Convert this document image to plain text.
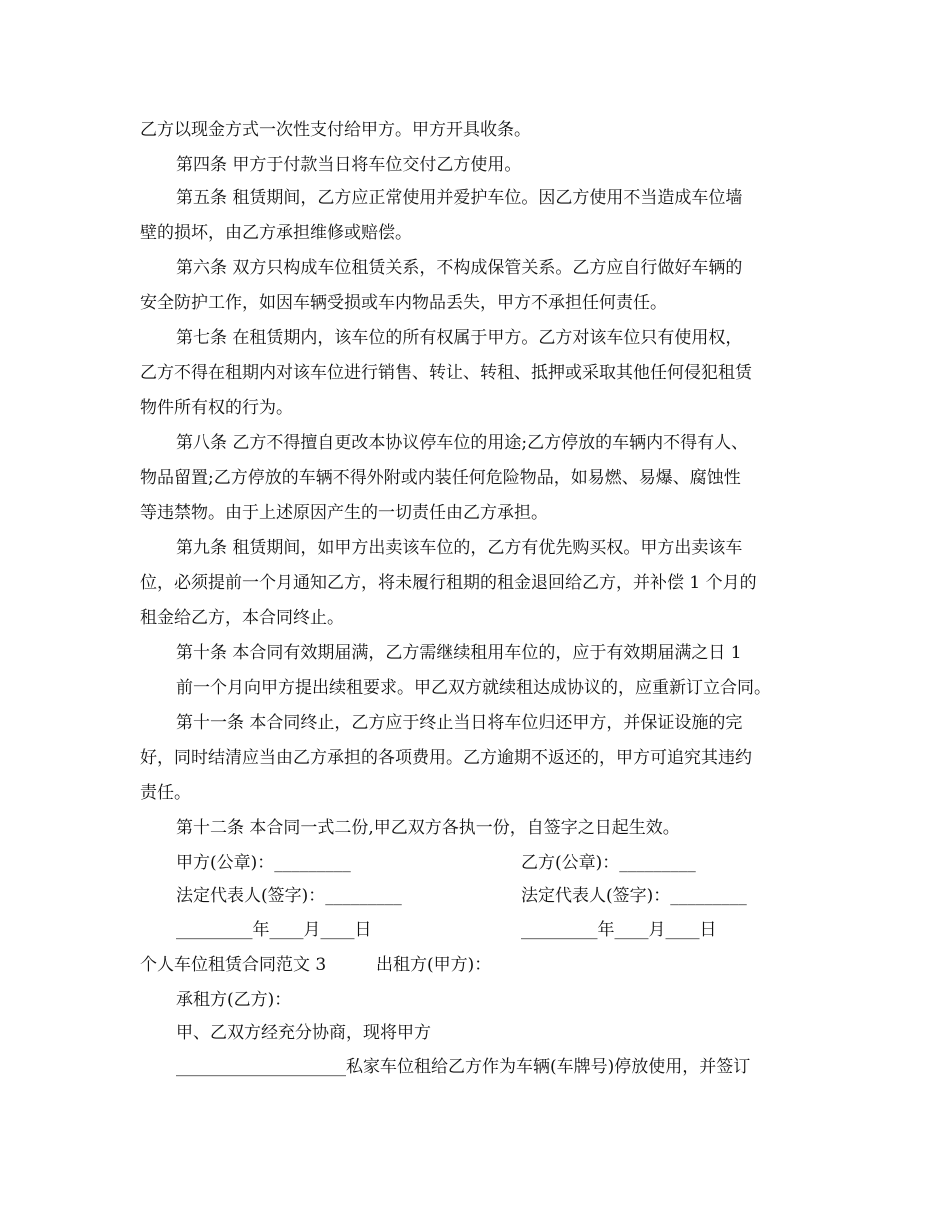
乙方以现金方式一次性支付给甲方。甲方开具收条。
第四条 甲方于付款当日将车位交付乙方使用。
第五条 租赁期间，乙方应正常使用并爱护车位。因乙方使用不当造成车位墙
壁的损坏，由乙方承担维修或赔偿。
第六条 双方只构成车位租赁关系，不构成保管关系。乙方应自行做好车辆的
安全防护工作，如因车辆受损或车内物品丢失，甲方不承担任何责任。
第七条 在租赁期内，该车位的所有权属于甲方。乙方对该车位只有使用权，
乙方不得在租期内对该车位进行销售、转让、转租、抵押或采取其他任何侵犯租赁
物件所有权的行为。
第八条 乙方不得擅自更改本协议停车位的用途;乙方停放的车辆内不得有人、
物品留置;乙方停放的车辆不得外附或内装任何危险物品，如易燃、易爆、腐蚀性
等违禁物。由于上述原因产生的一切责任由乙方承担。
第九条 租赁期间，如甲方出卖该车位的，乙方有优先购买权。甲方出卖该车
位，必须提前一个月通知乙方，将未履行租期的租金退回给乙方，并补偿 1 个月的
租金给乙方，本合同终止。
第十条 本合同有效期届满，乙方需继续租用车位的，应于有效期届满之日 1
前一个月向甲方提出续租要求。甲乙双方就续租达成协议的，应重新订立合同。
第十一条 本合同终止，乙方应于终止当日将车位归还甲方，并保证设施的完
好，同时结清应当由乙方承担的各项费用。乙方逾期不返还的，甲方可追究其违约
责任。
第十二条 本合同一式二份,甲乙双方各执一份，自签字之日起生效。
甲方(公章)：_________	乙方(公章)：_________
法定代表人(签字)：_________	法定代表人(签字)：_________
_________年____月____日	_________年____月____日
个人车位租赁合同范文 3	出租方(甲方)：
承租方(乙方)：
甲、乙双方经充分协商，现将甲方
____________________私家车位租给乙方作为车辆(车牌号)停放使用，并签订
